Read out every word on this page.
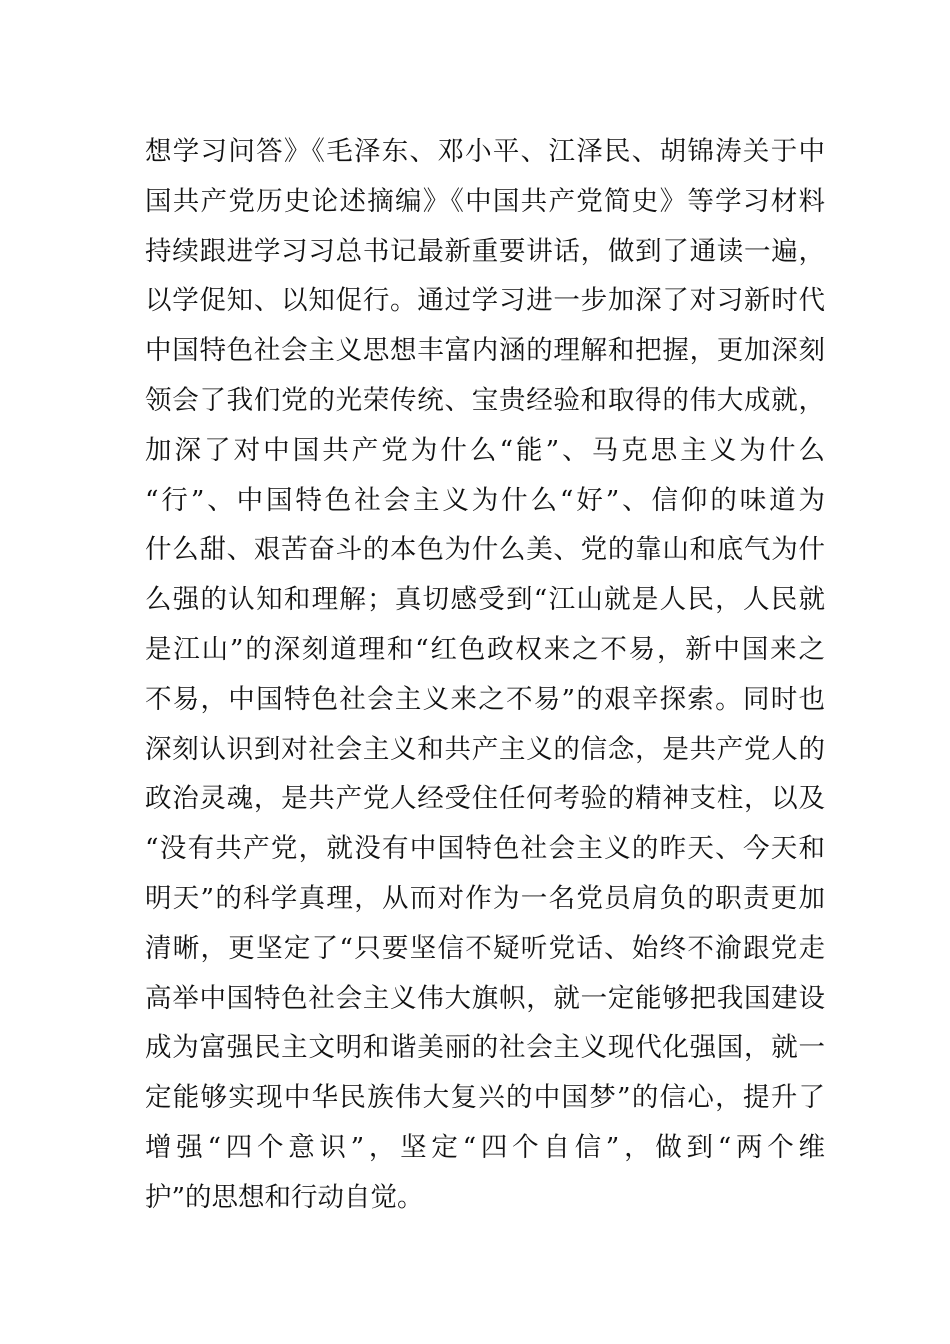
想学习问答》《毛泽东、邓小平、江泽民、胡锦涛关于中
国共产党历史论述摘编》《中国共产党简史》等学习材料
持续跟进学习习总书记最新重要讲话，做到了通读一遍，
以学促知、以知促行。通过学习进一步加深了对习新时代
中国特色社会主义思想丰富内涵的理解和把握，更加深刻
领会了我们党的光荣传统、宝贵经验和取得的伟大成就，
加深了对中国共产党为什么“能”、马克思主义为什么
“行”、中国特色社会主义为什么“好”、信仰的味道为
什么甜、艰苦奋斗的本色为什么美、党的靠山和底气为什
么强的认知和理解；真切感受到“江山就是人民，人民就
是江山”的深刻道理和“红色政权来之不易，新中国来之
不易，中国特色社会主义来之不易”的艰辛探索。同时也
深刻认识到对社会主义和共产主义的信念，是共产党人的
政治灵魂，是共产党人经受住任何考验的精神支柱，以及
“没有共产党，就没有中国特色社会主义的昨天、今天和
明天”的科学真理，从而对作为一名党员肩负的职责更加
清晰，更坚定了“只要坚信不疑听党话、始终不渝跟党走
高举中国特色社会主义伟大旗帜，就一定能够把我国建设
成为富强民主文明和谐美丽的社会主义现代化强国，就一
定能够实现中华民族伟大复兴的中国梦”的信心，提升了
增强“四个意识”，坚定“四个自信”，做到“两个维
护”的思想和行动自觉。
